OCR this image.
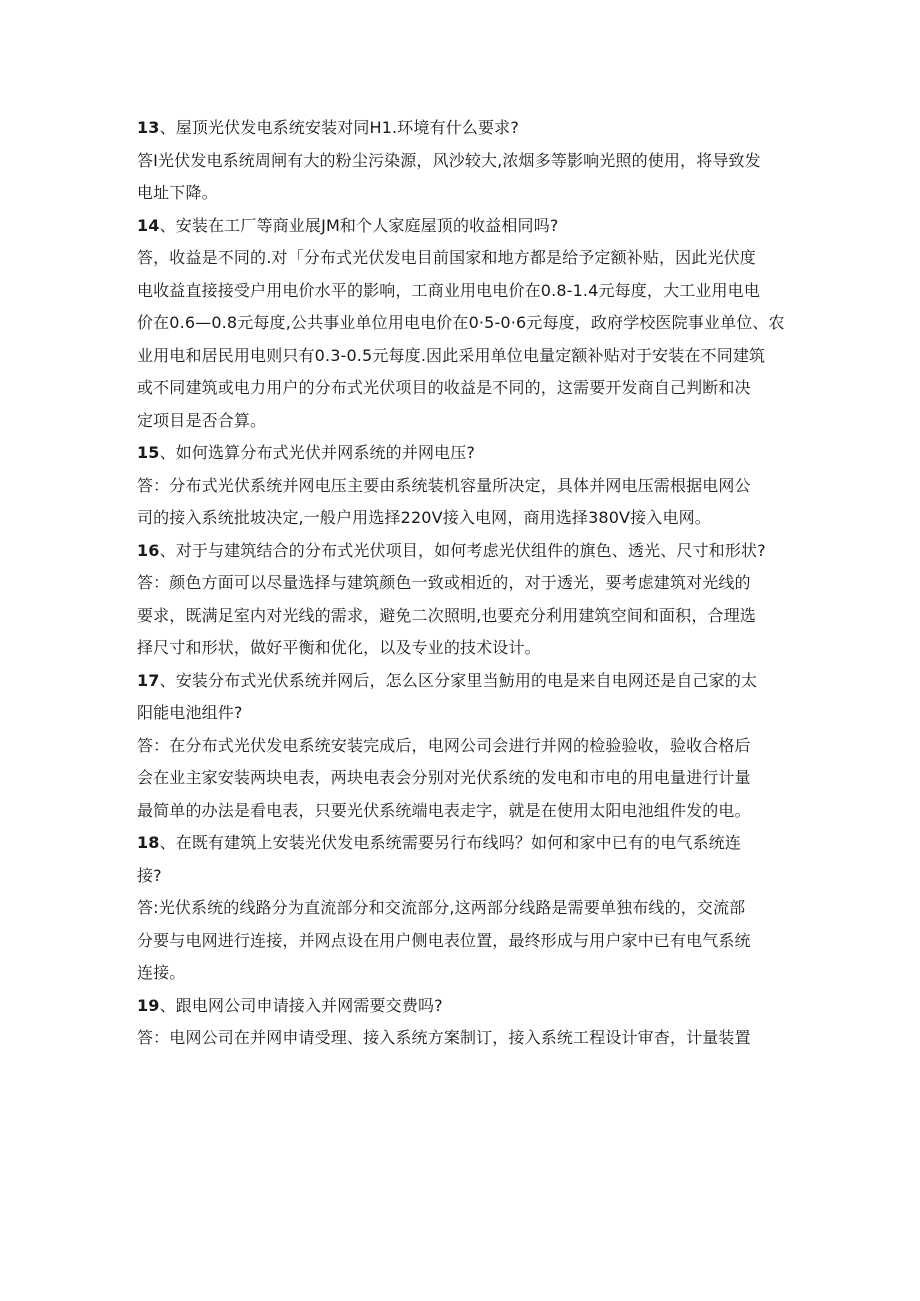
13、屋顶光伏发电系统安装对同H1.环境有什么要求?
答I光伏发电系统周闸有大的粉尘污染源，风沙较大,浓烟多等影响光照的使用，将导致发
电址下降。
14、安装在工厂等商业展JM和个人家庭屋顶的收益相同吗?
答，收益是不同的.对「分布式光伏发电目前国家和地方都是给予定额补贴，因此光伏度
电收益直接接受户用电价水平的影响，工商业用电电价在0.8-1.4元每度，大工业用电电
价在0.6—0.8元每度,公共事业单位用电电价在0·5-0·6元每度，政府学校医院事业单位、农
业用电和居民用电则只有0.3-0.5元每度.因此采用单位电量定额补贴对于安装在不同建筑
或不同建筑或电力用户的分布式光伏项目的收益是不同的，这需要开发商自己判断和决
定项目是否合算。
15、如何选算分布式光伏并网系统的并网电压?
答：分布式光伏系统并网电压主要由系统装机容量所决定，具体并网电压需根据电网公
司的接入系统批坡决定,一般户用选择220V接入电网，商用选择380V接入电网。
16、对于与建筑结合的分布式光伏项目，如何考虑光伏组件的旗色、透光、尺寸和形状?
答：颜色方面可以尽量选择与建筑颜色一致或相近的，对于透光，要考虑建筑对光线的
要求，既满足室内对光线的需求，避免二次照明,也要充分利用建筑空间和面积，合理选
择尺寸和形状，做好平衡和优化，以及专业的技术设计。
17、安装分布式光伏系统并网后，怎么区分家里当魴用的电是来自电网还是自己家的太
阳能电池组件?
答：在分布式光伏发电系统安装完成后，电网公司会进行并网的检验验收，验收合格后
会在业主家安装两块电表，两块电表会分别对光伏系统的发电和市电的用电量进行计量
最简单的办法是看电表，只要光伏系统端电表走字，就是在使用太阳电池组件发的电。
18、在既有建筑上安装光伏发电系统需要另行布线吗？如何和家中已有的电气系统连
接?
答:光伏系统的线路分为直流部分和交流部分,这两部分线路是需要单独布线的，交流部
分要与电网进行连接，并网点设在用户侧电表位置，最终形成与用户家中已有电气系统
连接。
19、跟电网公司申请接入并网需要交费吗?
答：电网公司在并网申请受理、接入系统方案制订，接入系统工程设计审杳，计量装置
